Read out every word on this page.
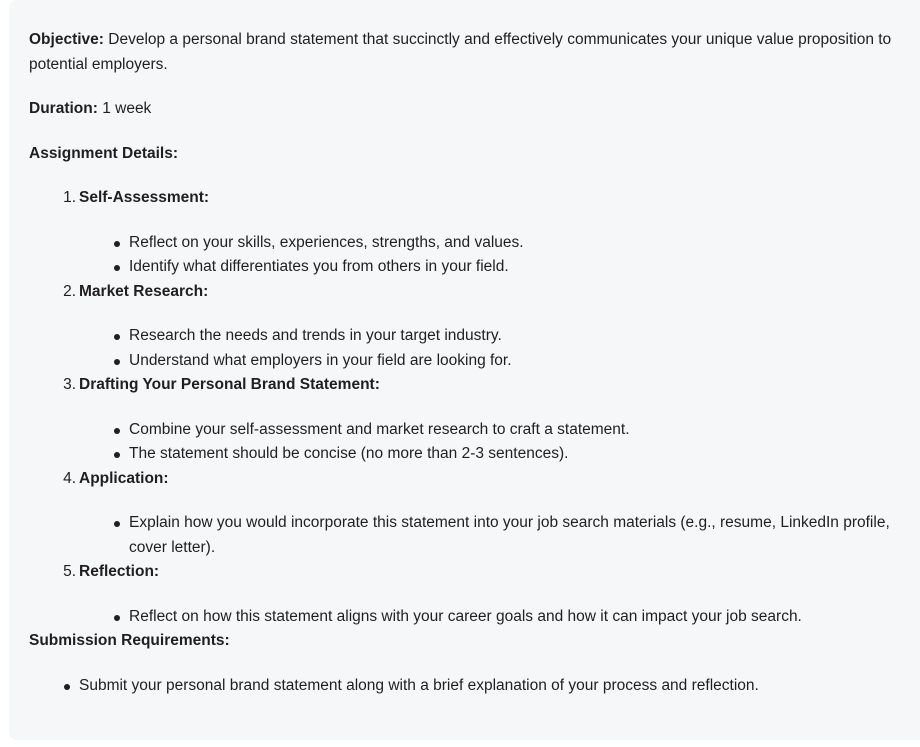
Objective: Develop a personal brand statement that succinctly and effectively communicates your unique value proposition to potential employers.

Duration: 1 week

Assignment Details:

Self-Assessment:
Reflect on your skills, experiences, strengths, and values.
Identify what differentiates you from others in your field.
Market Research:
Research the needs and trends in your target industry.
Understand what employers in your field are looking for.
Drafting Your Personal Brand Statement:
Combine your self-assessment and market research to craft a statement.
The statement should be concise (no more than 2-3 sentences).
Application:
Explain how you would incorporate this statement into your job search materials (e.g., resume, LinkedIn profile, cover letter).
Reflection:
Reflect on how this statement aligns with your career goals and how it can impact your job search.
Submission Requirements:
Submit your personal brand statement along with a brief explanation of your process and reflection.
